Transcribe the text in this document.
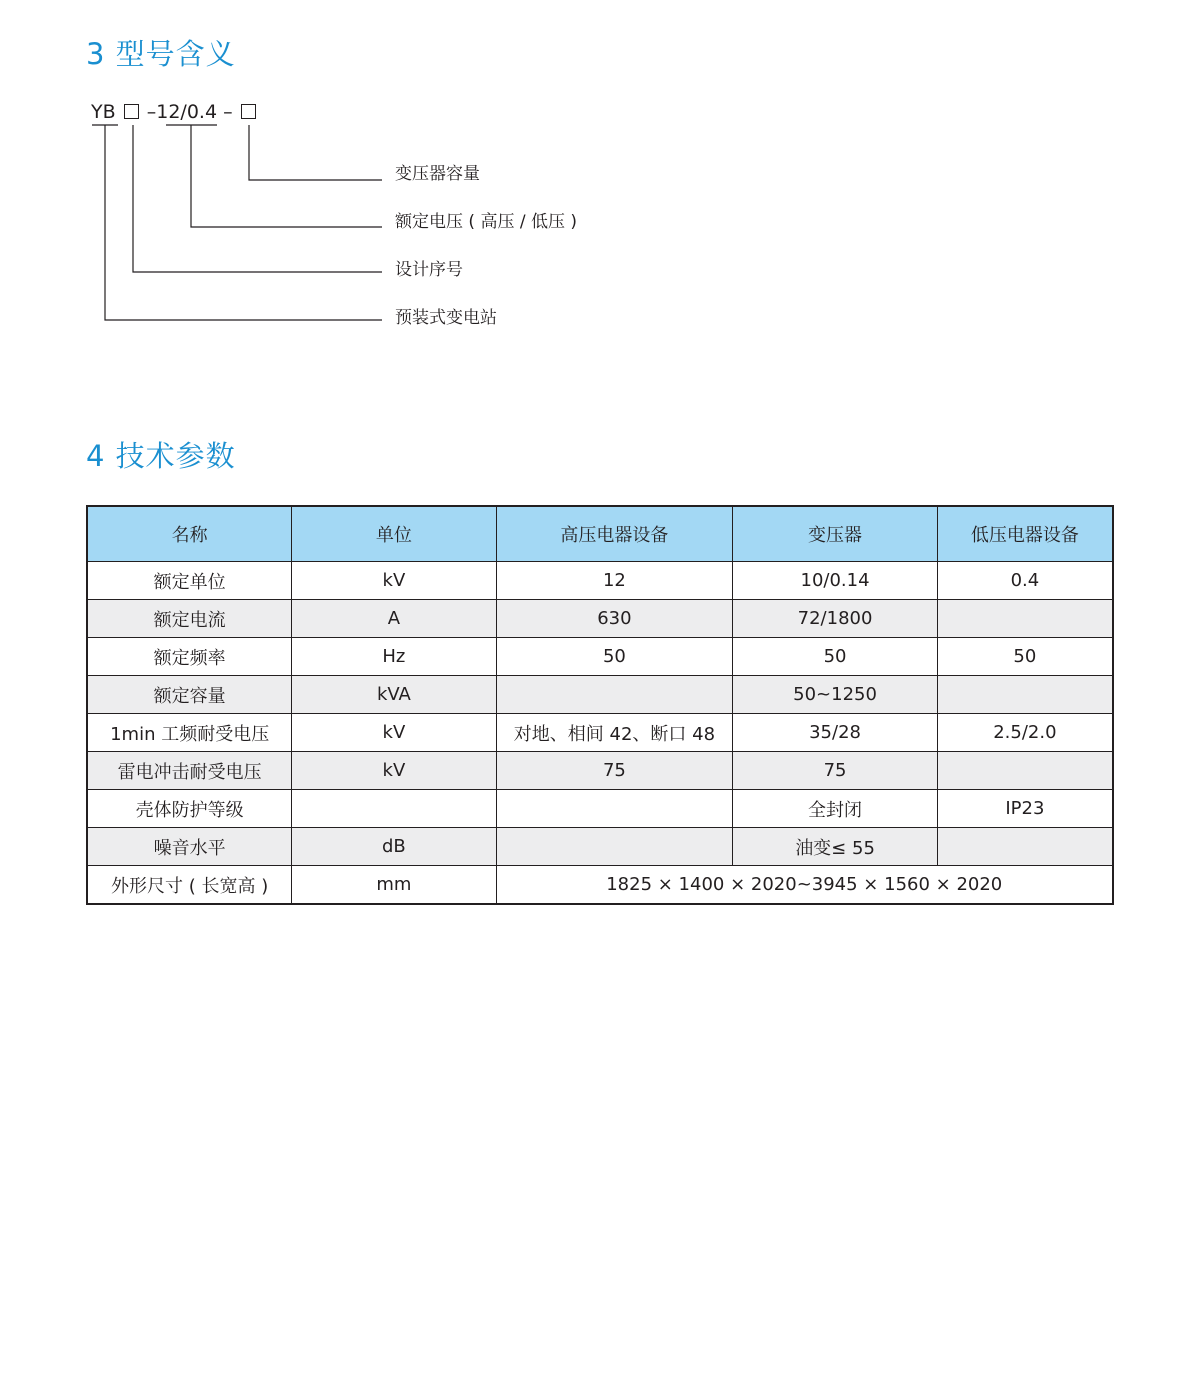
3 型号含义
YB –12/0.4 –
变压器容量
额定电压 ( 高压 / 低压 )
设计序号
预装式变电站
4 技术参数
名称	单位	高压电器设备	变压器	低压电器设备
额定单位	kV	12	10/0.14	0.4
额定电流	A	630	72/1800	
额定频率	Hz	50	50	50
额定容量	kVA		50~1250	
1min 工频耐受电压	kV	对地、相间 42、断口 48	35/28	2.5/2.0
雷电冲击耐受电压	kV	75	75	
壳体防护等级			全封闭	IP23
噪音水平	dB		油变≤ 55	
外形尺寸 ( 长宽高 )	mm	1825 × 1400 × 2020~3945 × 1560 × 2020		
